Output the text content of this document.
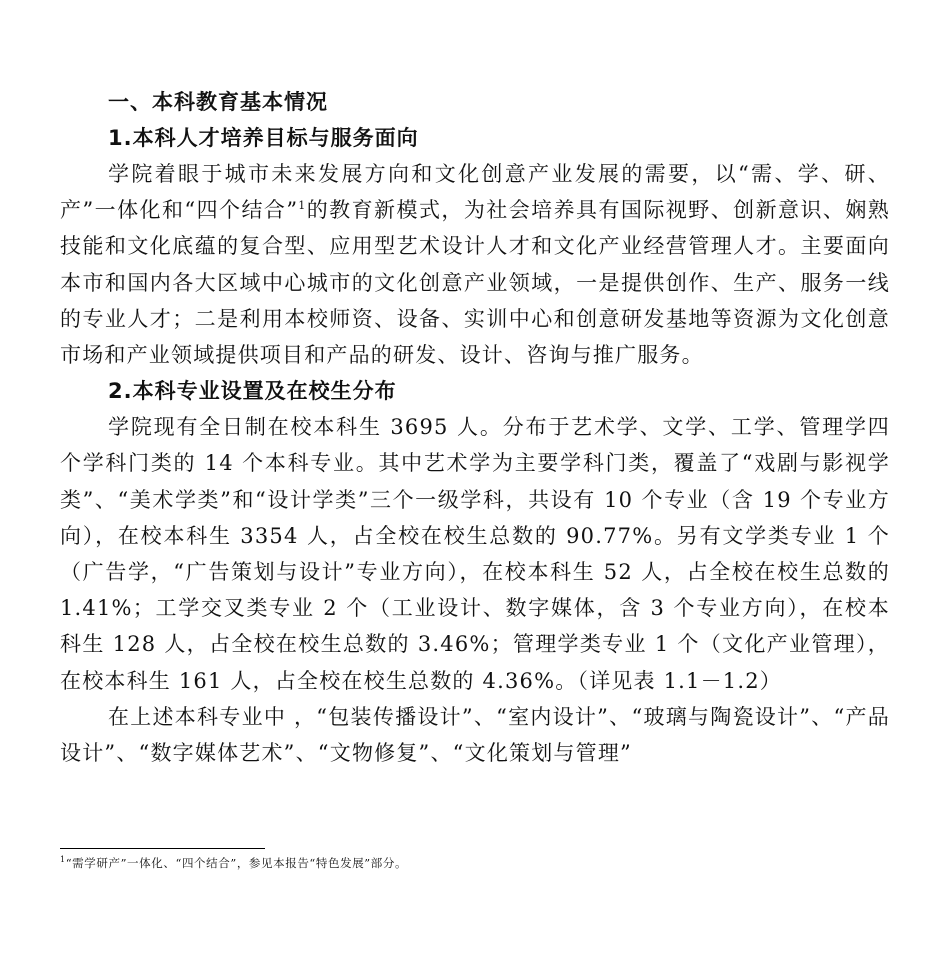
一、本科教育基本情况

1.本科人才培养目标与服务面向

学院着眼于城市未来发展方向和文化创意产业发展的需要，以“需、学、研、产”一体化和“四个结合”$^1$的教育新模式，为社会培养具有国际视野、创新意识、娴熟技能和文化底蕴的复合型、应用型艺术设计人才和文化产业经营管理人才。主要面向本市和国内各大区域中心城市的文化创意产业领域，一是提供创作、生产、服务一线的专业人才；二是利用本校师资、设备、实训中心和创意研发基地等资源为文化创意市场和产业领域提供项目和产品的研发、设计、咨询与推广服务。

2.本科专业设置及在校生分布

学院现有全日制在校本科生 3695 人。分布于艺术学、文学、工学、管理学四个学科门类的 14 个本科专业。其中艺术学为主要学科门类，覆盖了“戏剧与影视学类”、“美术学类”和“设计学类”三个一级学科，共设有 10 个专业（含 19 个专业方向），在校本科生 3354 人，占全校在校生总数的 90.77%。另有文学类专业 1 个（广告学，“广告策划与设计”专业方向），在校本科生 52 人，占全校在校生总数的 1.41%；工学交叉类专业 2 个（工业设计、数字媒体，含 3 个专业方向），在校本科生 128 人，占全校在校生总数的 3.46%；管理学类专业 1 个（文化产业管理），在校本科生 161 人，占全校在校生总数的 4.36%。（详见表 1.1－1.2）

在上述本科专业中 ，“包装传播设计”、“室内设计”、“玻璃与陶瓷设计”、“产品设计”、“数字媒体艺术”、“文物修复”、“文化策划与管理”

$^1$“需学研产”一体化、“四个结合”，参见本报告“特色发展”部分。
